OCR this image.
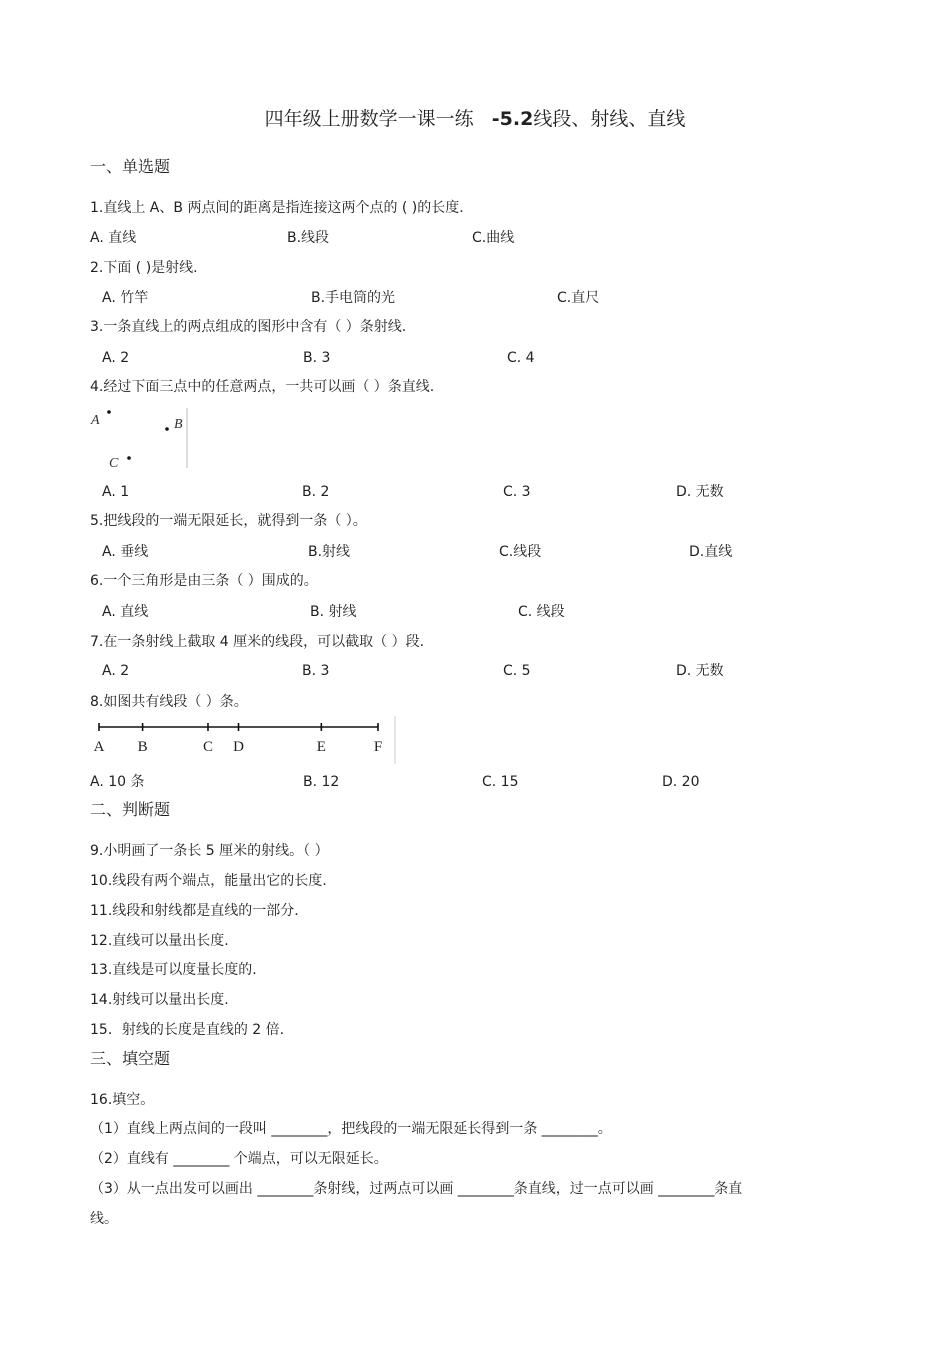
四年级上册数学一课一练 -5.2线段、射线、直线
一、单选题
1.直线上 A、B 两点间的距离是指连接这两个点的 ( )的长度.
A. 直线	B.线段	C.曲线
2.下面 ( )是射线.
A. 竹竿	B.手电筒的光	C.直尺
3.一条直线上的两点组成的图形中含有（ ）条射线.
A. 2	B. 3	C. 4
4.经过下面三点中的任意两点，一共可以画（ ）条直线.
A	B
C
A. 1	B. 2	C. 3	D. 无数
5.把线段的一端无限延长，就得到一条（ ）。
A. 垂线	B.射线	C.线段	D.直线
6.一个三角形是由三条（ ）围成的。
A. 直线	B. 射线	C. 线段
7.在一条射线上截取 4 厘米的线段，可以截取（ ）段.
A. 2	B. 3	C. 5	D. 无数
8.如图共有线段（ ）条。
A B	C D	E	F
A. 10 条	B. 12	C. 15	D. 20
二、判断题
9.小明画了一条长 5 厘米的射线。（ ）
10.线段有两个端点，能量出它的长度.
11.线段和射线都是直线的一部分.
12.直线可以量出长度.
13.直线是可以度量长度的.
14.射线可以量出长度.
15．射线的长度是直线的 2 倍.
三、填空题
16.填空。
（1）直线上两点间的一段叫 ________，把线段的一端无限延长得到一条 ________。
（2）直线有 ________ 个端点，可以无限延长。
（3）从一点出发可以画出 ________条射线，过两点可以画 ________条直线，过一点可以画 ________条直
线。
